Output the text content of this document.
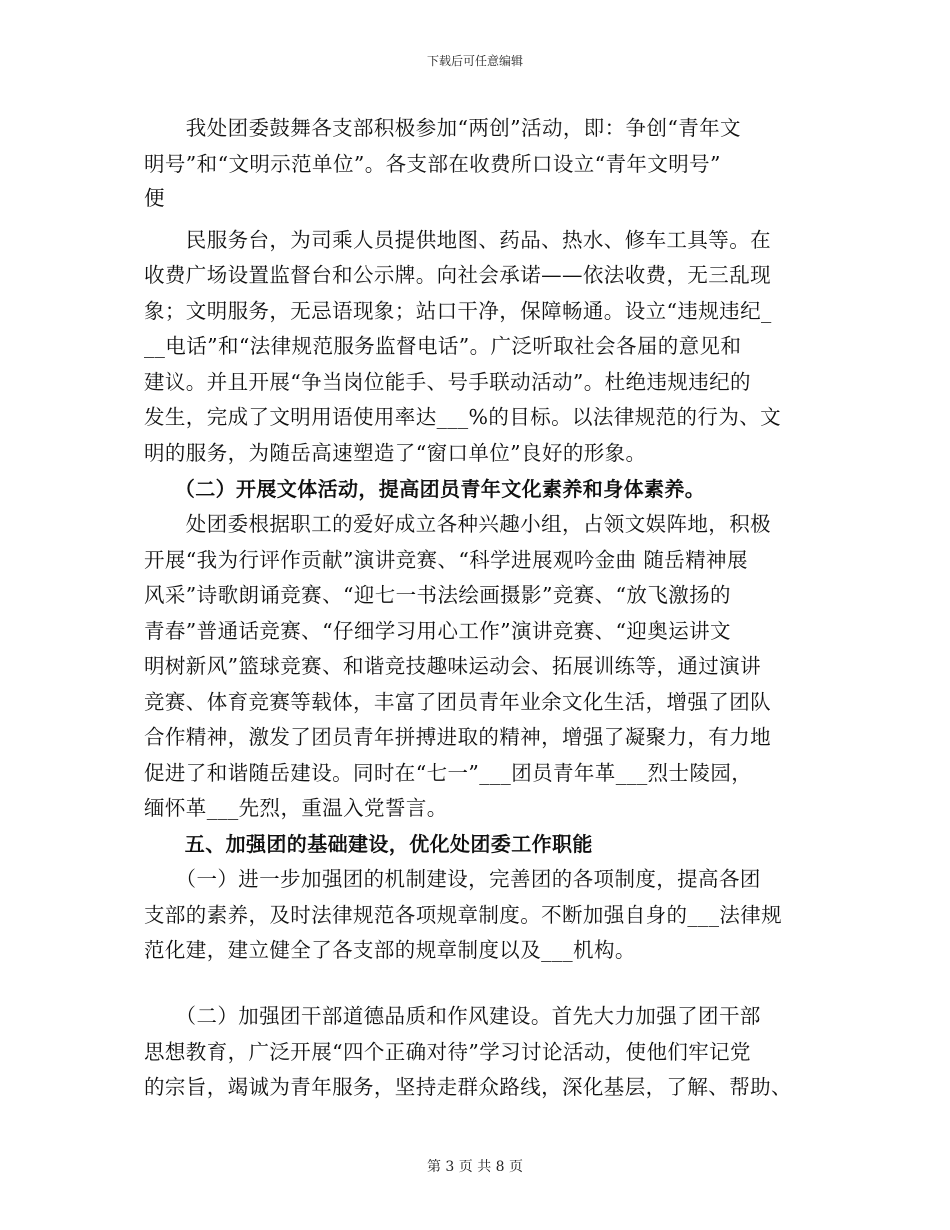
下载后可任意编辑
　　我处团委鼓舞各支部积极参加“两创”活动，即：争创“青年文
明号”和“文明示范单位”。各支部在收费所口设立“青年文明号”
便
　　民服务台，为司乘人员提供地图、药品、热水、修车工具等。在
收费广场设置监督台和公示牌。向社会承诺——依法收费，无三乱现
象；文明服务，无忌语现象；站口干净，保障畅通。设立“违规违纪_
__电话”和“法律规范服务监督电话”。广泛听取社会各届的意见和
建议。并且开展“争当岗位能手、号手联动活动”。杜绝违规违纪的
发生，完成了文明用语使用率达___%的目标。以法律规范的行为、文
明的服务，为随岳高速塑造了“窗口单位”良好的形象。
　　（二）开展文体活动，提高团员青年文化素养和身体素养。
　　处团委根据职工的爱好成立各种兴趣小组，占领文娱阵地，积极
开展“我为行评作贡献”演讲竞赛、“科学进展观吟金曲 随岳精神展
风采”诗歌朗诵竞赛、“迎七一书法绘画摄影”竞赛、“放飞激扬的
青春”普通话竞赛、“仔细学习用心工作”演讲竞赛、“迎奥运讲文
明树新风”篮球竞赛、和谐竞技趣味运动会、拓展训练等，通过演讲
竞赛、体育竞赛等载体，丰富了团员青年业余文化生活，增强了团队
合作精神，激发了团员青年拼搏进取的精神，增强了凝聚力，有力地
促进了和谐随岳建设。同时在“七一”___团员青年革___烈士陵园，
缅怀革___先烈，重温入党誓言。
　　五、加强团的基础建设，优化处团委工作职能
　　（一）进一步加强团的机制建设，完善团的各项制度，提高各团
支部的素养，及时法律规范各项规章制度。不断加强自身的___法律规
范化建，建立健全了各支部的规章制度以及___机构。
　　（二）加强团干部道德品质和作风建设。首先大力加强了团干部
思想教育，广泛开展“四个正确对待”学习讨论活动，使他们牢记党
的宗旨，竭诚为青年服务，坚持走群众路线，深化基层，了解、帮助、
第 3 页 共 8 页
